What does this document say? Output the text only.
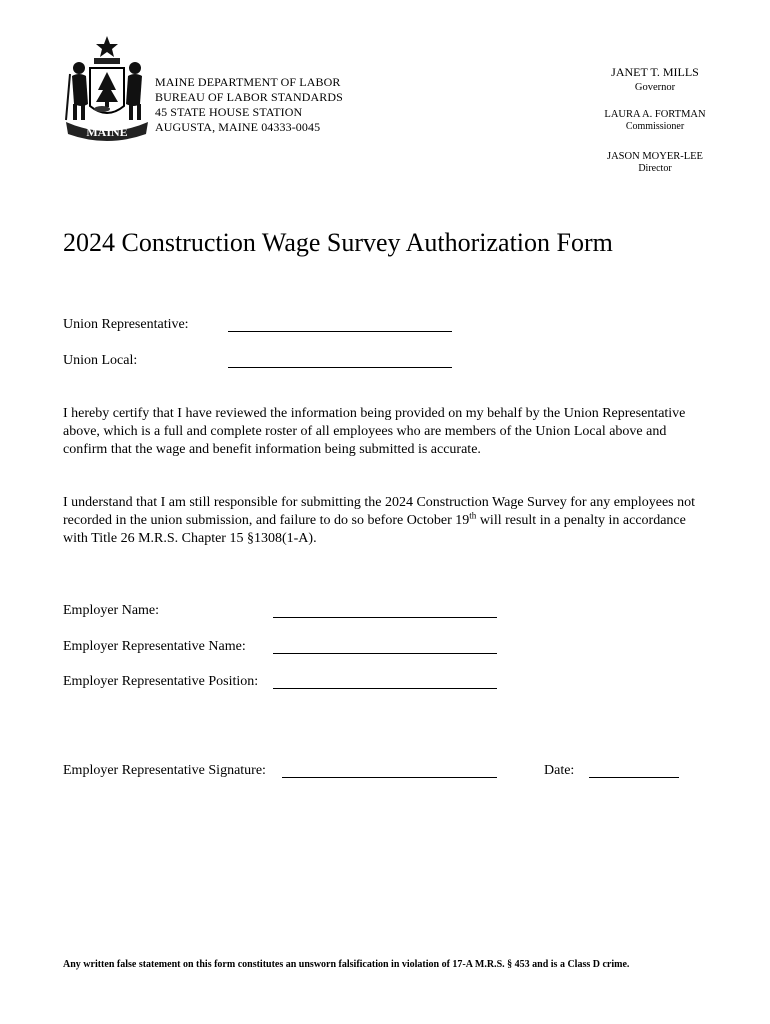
MAINE
MAINE DEPARTMENT OF LABOR
BUREAU OF LABOR STANDARDS
45 STATE HOUSE STATION
AUGUSTA, MAINE 04333-0045
JANET T. MILLS
Governor
LAURA A. FORTMAN
Commissioner
JASON MOYER-LEE
Director
2024 Construction Wage Survey Authorization Form
Union Representative:
Union Local:
I hereby certify that I have reviewed the information being provided on my behalf by the Union Representative above, which is a full and complete roster of all employees who are members of the Union Local above and confirm that the wage and benefit information being submitted is accurate.
I understand that I am still responsible for submitting the 2024 Construction Wage Survey for any employees not recorded in the union submission, and failure to do so before October 19th will result in a penalty in accordance with Title 26 M.R.S. Chapter 15 §1308(1-A).
Employer Name:
Employer Representative Name:
Employer Representative Position:
Employer Representative Signature:	Date:
Any written false statement on this form constitutes an unsworn falsification in violation of 17-A M.R.S. § 453 and is a Class D crime.
